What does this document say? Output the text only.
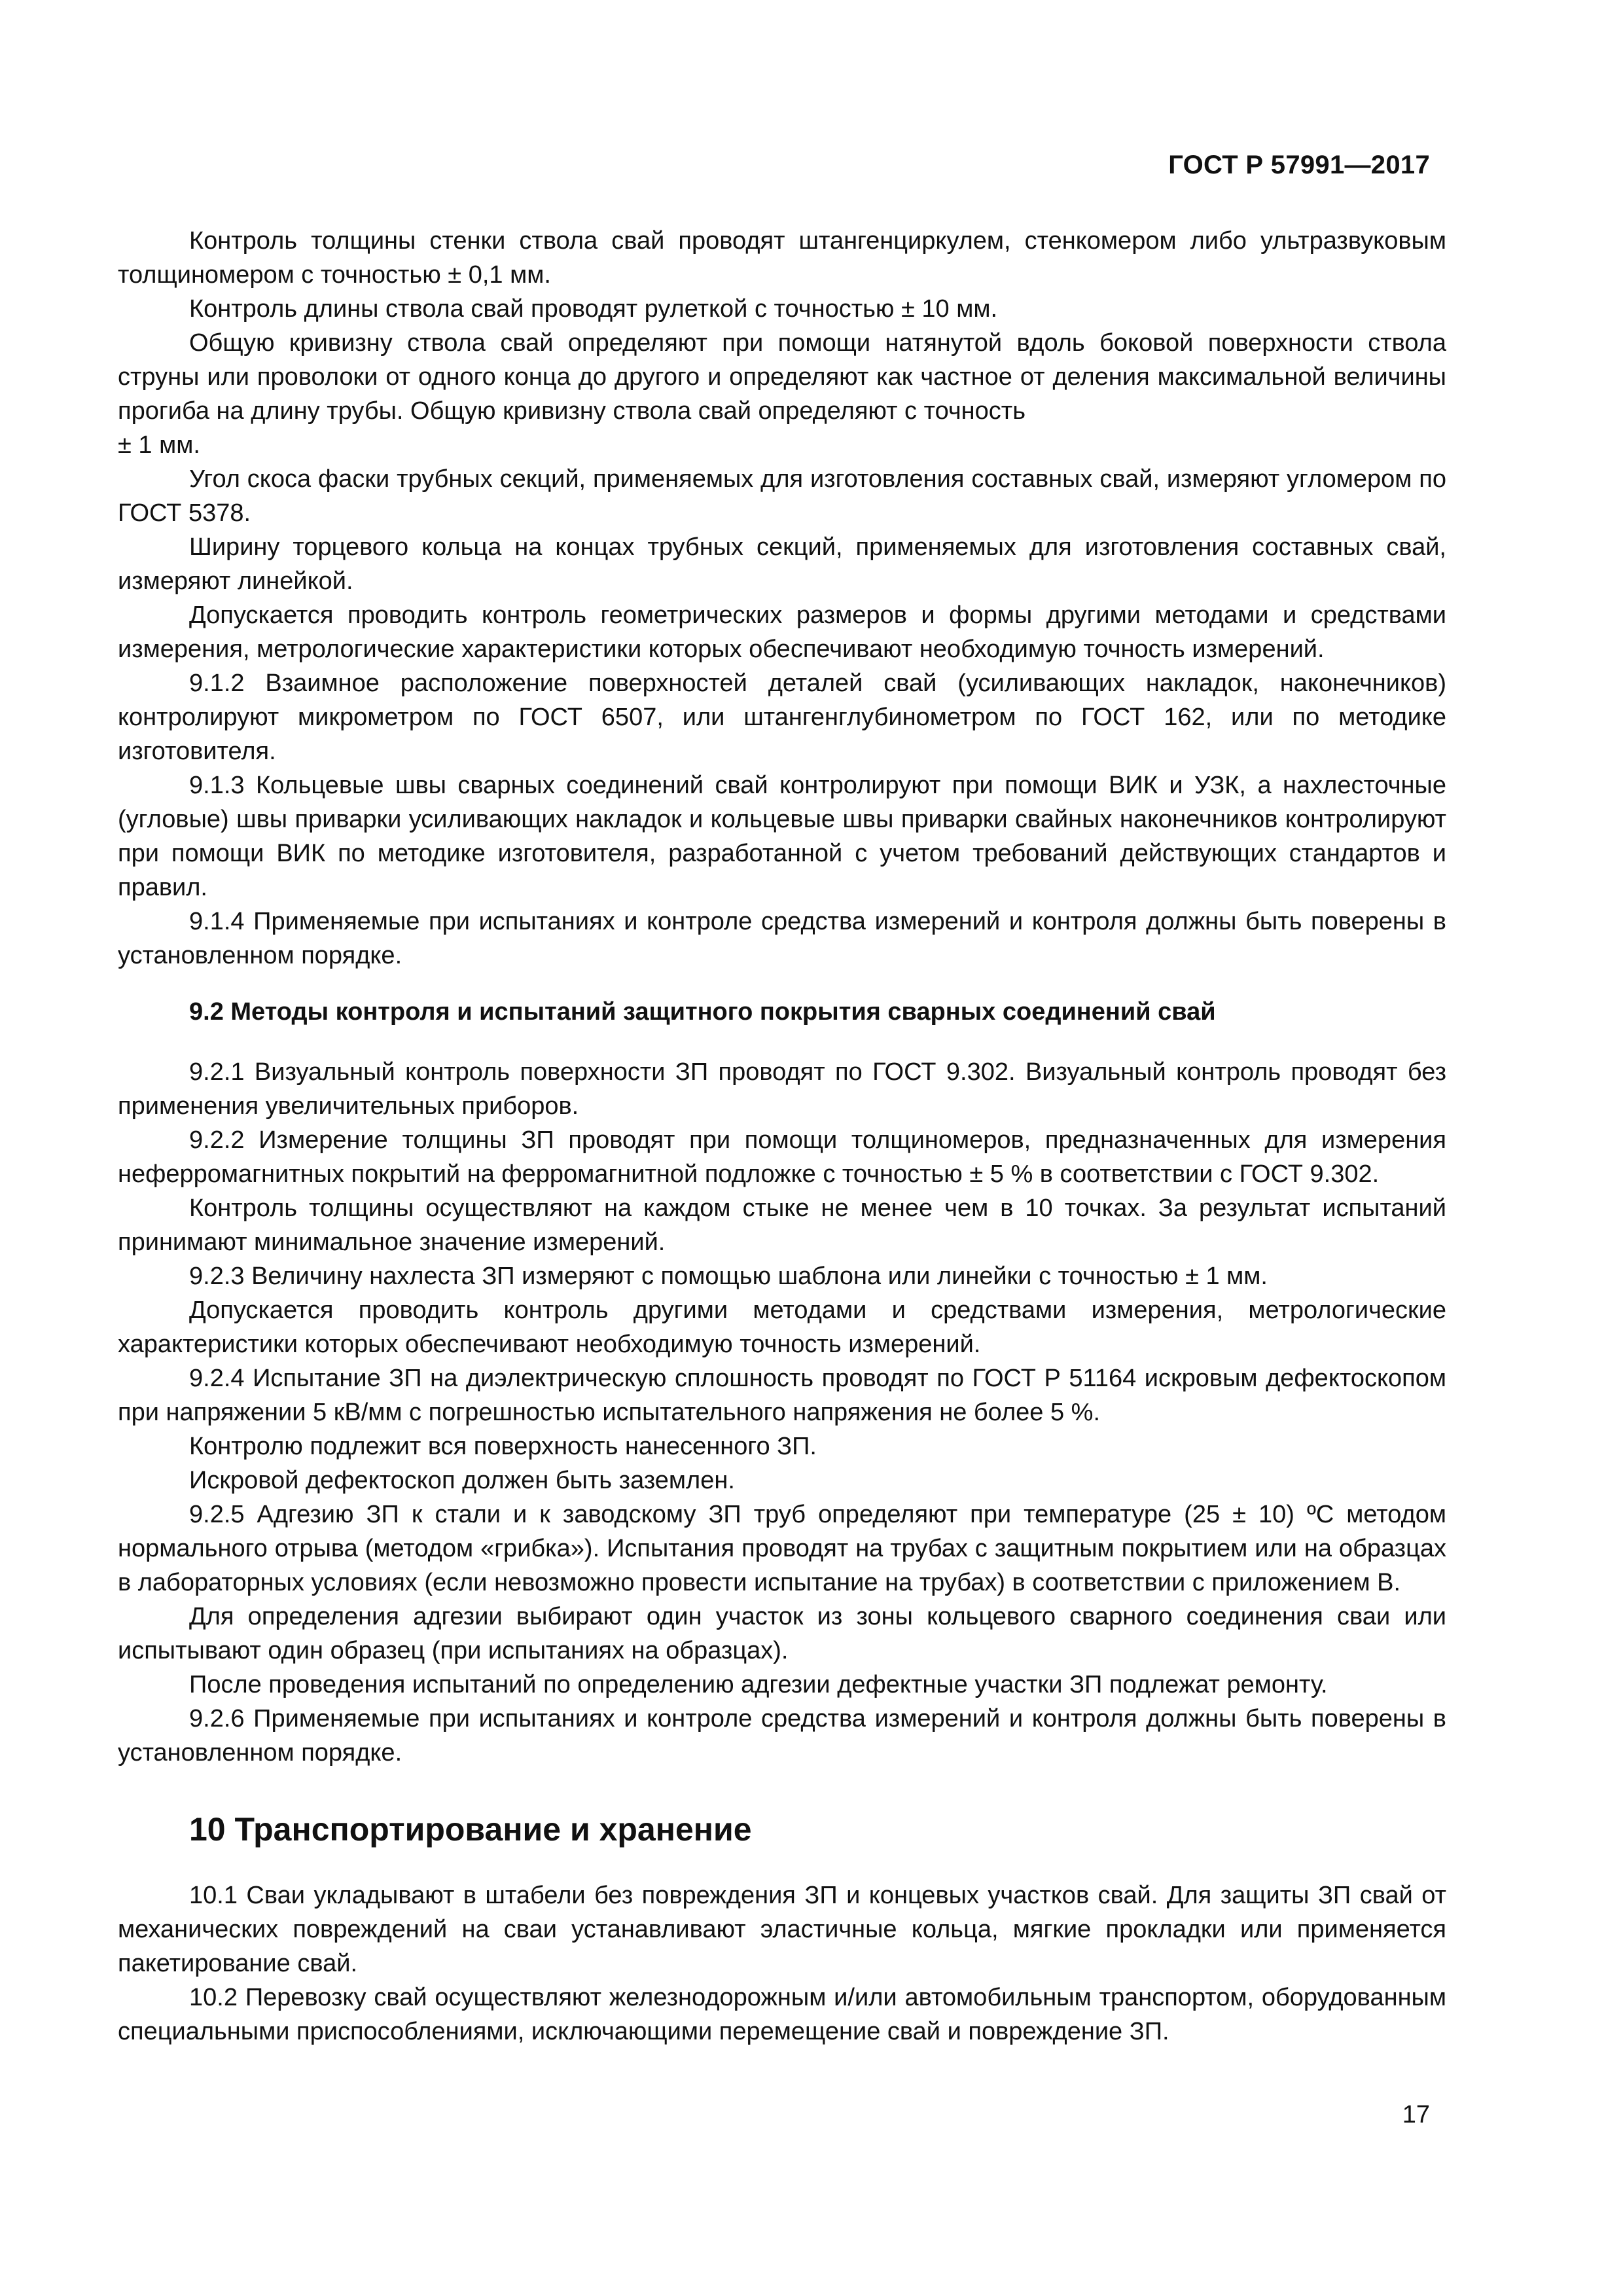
ГОСТ Р 57991—2017

Контроль толщины стенки ствола свай проводят штангенциркулем, стенкомером либо ультразвуковым толщиномером с точностью ± 0,1 мм.

Контроль длины ствола свай проводят рулеткой с точностью ± 10 мм.

Общую кривизну ствола свай определяют при помощи натянутой вдоль боковой поверхности ствола струны или проволоки от одного конца до другого и определяют как частное от деления максимальной величины прогиба на длину трубы. Общую кривизну ствола свай определяют с точность

± 1 мм.

Угол скоса фаски трубных секций, применяемых для изготовления составных свай, измеряют угломером по ГОСТ 5378.

Ширину торцевого кольца на концах трубных секций, применяемых для изготовления составных свай, измеряют линейкой.

Допускается проводить контроль геометрических размеров и формы другими методами и средствами измерения, метрологические характеристики которых обеспечивают необходимую точность измерений.

9.1.2 Взаимное расположение поверхностей деталей свай (усиливающих накладок, наконечников) контролируют микрометром по ГОСТ 6507, или штангенглубинометром по ГОСТ 162, или по методике изготовителя.

9.1.3 Кольцевые швы сварных соединений свай контролируют при помощи ВИК и УЗК, а нахлесточные (угловые) швы приварки усиливающих накладок и кольцевые швы приварки свайных наконечников контролируют при помощи ВИК по методике изготовителя, разработанной с учетом требований действующих стандартов и правил.

9.1.4 Применяемые при испытаниях и контроле средства измерений и контроля должны быть поверены в установленном порядке.

9.2 Методы контроля и испытаний защитного покрытия сварных соединений свай

9.2.1 Визуальный контроль поверхности ЗП проводят по ГОСТ 9.302. Визуальный контроль проводят без применения увеличительных приборов.

9.2.2 Измерение толщины ЗП проводят при помощи толщиномеров, предназначенных для измерения неферромагнитных покрытий на ферромагнитной подложке с точностью ± 5 % в соответствии с ГОСТ 9.302.

Контроль толщины осуществляют на каждом стыке не менее чем в 10 точках. За результат испытаний принимают минимальное значение измерений.

9.2.3 Величину нахлеста ЗП измеряют с помощью шаблона или линейки с точностью ± 1 мм.

Допускается проводить контроль другими методами и средствами измерения, метрологические характеристики которых обеспечивают необходимую точность измерений.

9.2.4 Испытание ЗП на диэлектрическую сплошность проводят по ГОСТ Р 51164 искровым дефектоскопом при напряжении 5 кВ/мм с погрешностью испытательного напряжения не более 5 %.

Контролю подлежит вся поверхность нанесенного ЗП.

Искровой дефектоскоп должен быть заземлен.

9.2.5 Адгезию ЗП к стали и к заводскому ЗП труб определяют при температуре (25 ± 10) ºС методом нормального отрыва (методом «грибка»). Испытания проводят на трубах с защитным покрытием или на образцах в лабораторных условиях (если невозможно провести испытание на трубах) в соответствии с приложением В.

Для определения адгезии выбирают один участок из зоны кольцевого сварного соединения сваи или испытывают один образец (при испытаниях на образцах).

После проведения испытаний по определению адгезии дефектные участки ЗП подлежат ремонту.

9.2.6 Применяемые при испытаниях и контроле средства измерений и контроля должны быть поверены в установленном порядке.

10 Транспортирование и хранение

10.1 Сваи укладывают в штабели без повреждения ЗП и концевых участков свай. Для защиты ЗП свай от механических повреждений на сваи устанавливают эластичные кольца, мягкие прокладки или применяется пакетирование свай.

10.2 Перевозку свай осуществляют железнодорожным и/или автомобильным транспортом, оборудованным специальными приспособлениями, исключающими перемещение свай и повреждение ЗП.

17
